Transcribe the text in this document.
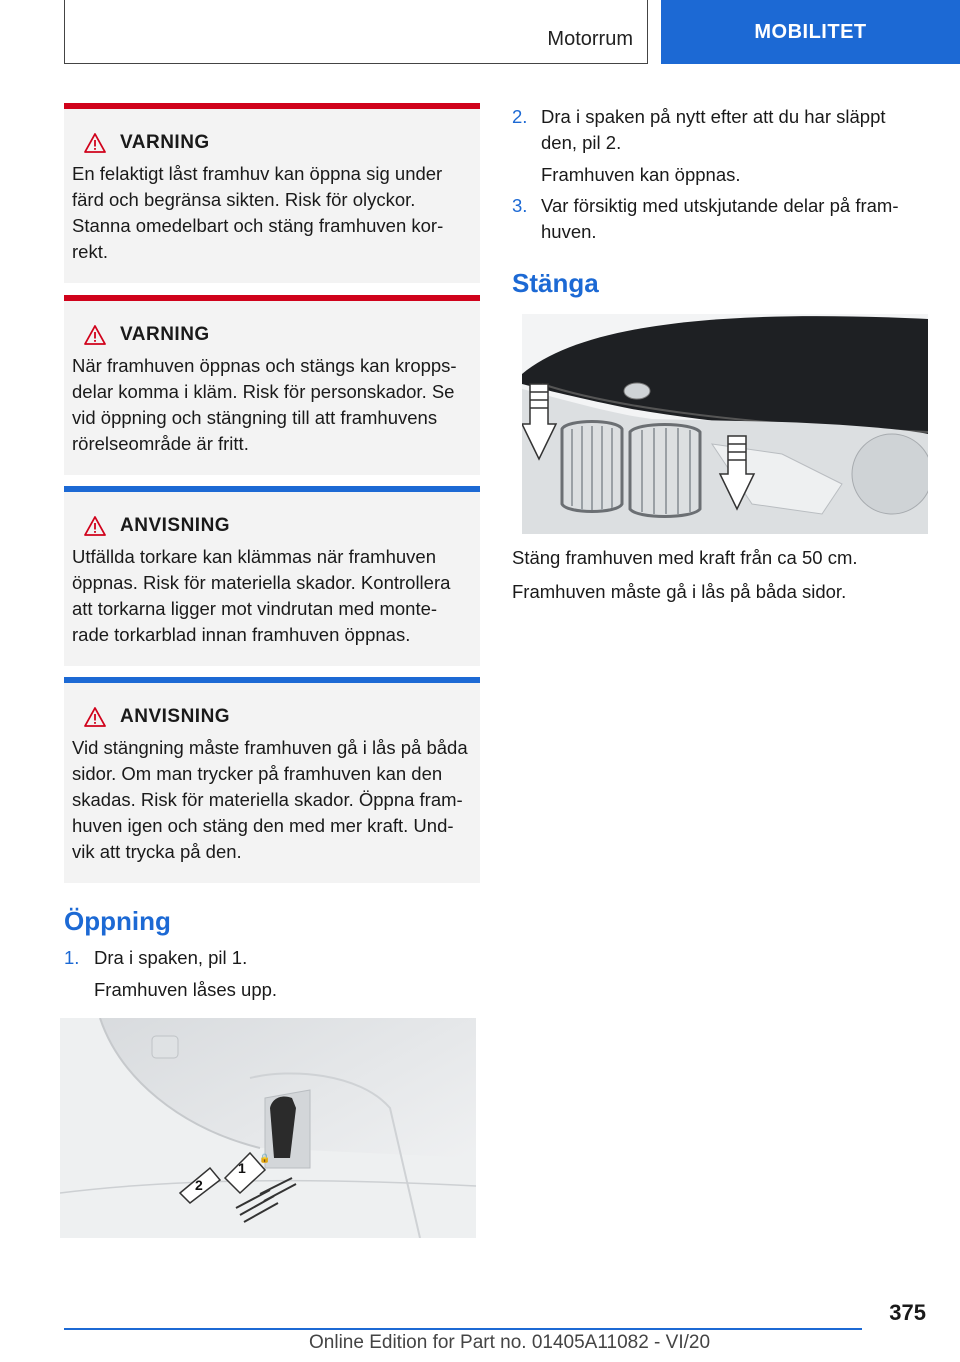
Motorrum	MOBILITET
VARNING

En felaktigt låst framhuv kan öppna sig under
färd och begränsa sikten. Risk för olyckor.
Stanna omedelbart och stäng framhuven kor-
rekt.

VARNING

När framhuven öppnas och stängs kan kropps-
delar komma i kläm. Risk för personskador. Se
vid öppning och stängning till att framhuvens
rörelseområde är fritt.

ANVISNING

Utfällda torkare kan klämmas när framhuven
öppnas. Risk för materiella skador. Kontrollera
att torkarna ligger mot vindrutan med monte-
rade torkarblad innan framhuven öppnas.

ANVISNING

Vid stängning måste framhuven gå i lås på båda
sidor. Om man trycker på framhuven kan den
skadas. Risk för materiella skador. Öppna fram-
huven igen och stäng den med mer kraft. Und-
vik att trycka på den.

Öppning
1. Dra i spaken, pil 1.
Framhuven låses upp.
🔒
2
1
2. Dra i spaken på nytt efter att du har släppt
den, pil 2.
Framhuven kan öppnas.
3. Var försiktig med utskjutande delar på fram-
huven.
Stänga
Stäng framhuven med kraft från ca 50 cm.
Framhuven måste gå i lås på båda sidor.
375
Online Edition for Part no. 01405A11082 - VI/20
